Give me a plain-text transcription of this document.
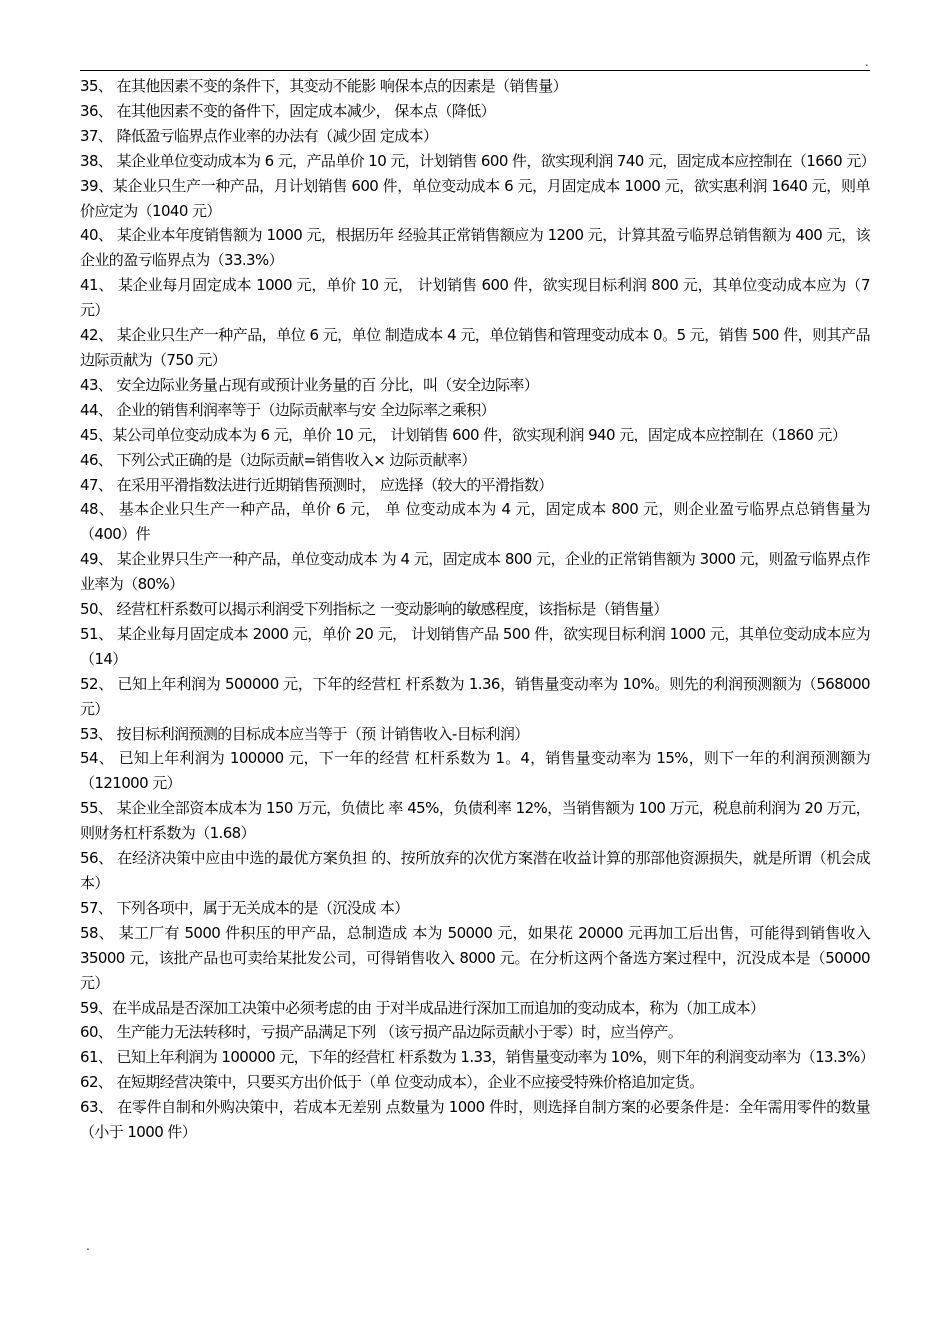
.

35、 在其他因素不变的条件下，其变动不能影 响保本点的因素是（销售量）

36、 在其他因素不变的备件下，固定成本减少， 保本点（降低）

37、 降低盈亏临界点作业率的办法有（减少固 定成本）

38、 某企业单位变动成本为 6 元，产品单价 10 元，计划销售 600 件，欲实现利润 740 元，固定成本应控制在（1660 元）

39、某企业只生产一种产品，月计划销售 600 件，单位变动成本 6 元，月固定成本 1000 元，欲实惠利润 1640 元，则单价应定为（1040 元）

40、 某企业本年度销售额为 1000 元，根据历年 经验其正常销售额应为 1200 元，计算其盈亏临界总销售额为 400 元，该企业的盈亏临界点为（33.3%）

41、 某企业每月固定成本 1000 元，单价 10 元， 计划销售 600 件，欲实现目标利润 800 元，其单位变动成本应为（7 元）

42、 某企业只生产一种产品，单位 6 元，单位 制造成本 4 元，单位销售和管理变动成本 0。5 元，销售 500 件，则其产品边际贡献为（750 元）

43、 安全边际业务量占现有或预计业务量的百 分比，叫（安全边际率）

44、 企业的销售利润率等于（边际贡献率与安 全边际率之乘积）

45、某公司单位变动成本为 6 元，单价 10 元， 计划销售 600 件，欲实现利润 940 元，固定成本应控制在（1860 元）

46、 下列公式正确的是（边际贡献=销售收入× 边际贡献率）

47、 在采用平滑指数法进行近期销售预测时， 应选择（较大的平滑指数）

48、 基本企业只生产一种产品，单价 6 元， 单 位变动成本为 4 元，固定成本 800 元，则企业盈亏临界点总销售量为（400）件

49、 某企业界只生产一种产品，单位变动成本 为 4 元，固定成本 800 元，企业的正常销售额为 3000 元，则盈亏临界点作业率为（80%）

50、 经营杠杆系数可以揭示利润受下列指标之 一变动影响的敏感程度，该指标是（销售量）

51、 某企业每月固定成本 2000 元，单价 20 元， 计划销售产品 500 件，欲实现目标利润 1000 元，其单位变动成本应为（14）

52、 已知上年利润为 500000 元，下年的经营杠 杆系数为 1.36，销售量变动率为 10%。则先的利润预测额为（568000 元）

53、 按目标利润预测的目标成本应当等于（预 计销售收入-目标利润）

54、 已知上年利润为 100000 元，下一年的经营 杠杆系数为 1。4，销售量变动率为 15%，则下一年的利润预测额为（121000 元）

55、 某企业全部资本成本为 150 万元，负债比 率 45%，负债利率 12%，当销售额为 100 万元，税息前利润为 20 万元，则财务杠杆系数为（1.68）

56、 在经济决策中应由中选的最优方案负担 的、按所放弃的次优方案潜在收益计算的那部他资源损失，就是所谓（机会成本）

57、 下列各项中，属于无关成本的是（沉没成 本）

58、 某工厂有 5000 件积压的甲产品，总制造成 本为 50000 元，如果花 20000 元再加工后出售，可能得到销售收入 35000 元，该批产品也可卖给某批发公司，可得销售收入 8000 元。在分析这两个备选方案过程中，沉没成本是（50000 元）

59、在半成品是否深加工决策中必须考虑的由 于对半成品进行深加工而追加的变动成本，称为（加工成本）

60、 生产能力无法转移时，亏损产品满足下列 （该亏损产品边际贡献小于零）时，应当停产。

61、 已知上年利润为 100000 元，下年的经营杠 杆系数为 1.33，销售量变动率为 10%，则下年的利润变动率为（13.3%）

62、 在短期经营决策中，只要买方出价低于（单 位变动成本），企业不应接受特殊价格追加定货。

63、 在零件自制和外购决策中，若成本无差别 点数量为 1000 件时，则选择自制方案的必要条件是：全年需用零件的数量（小于 1000 件）

.
